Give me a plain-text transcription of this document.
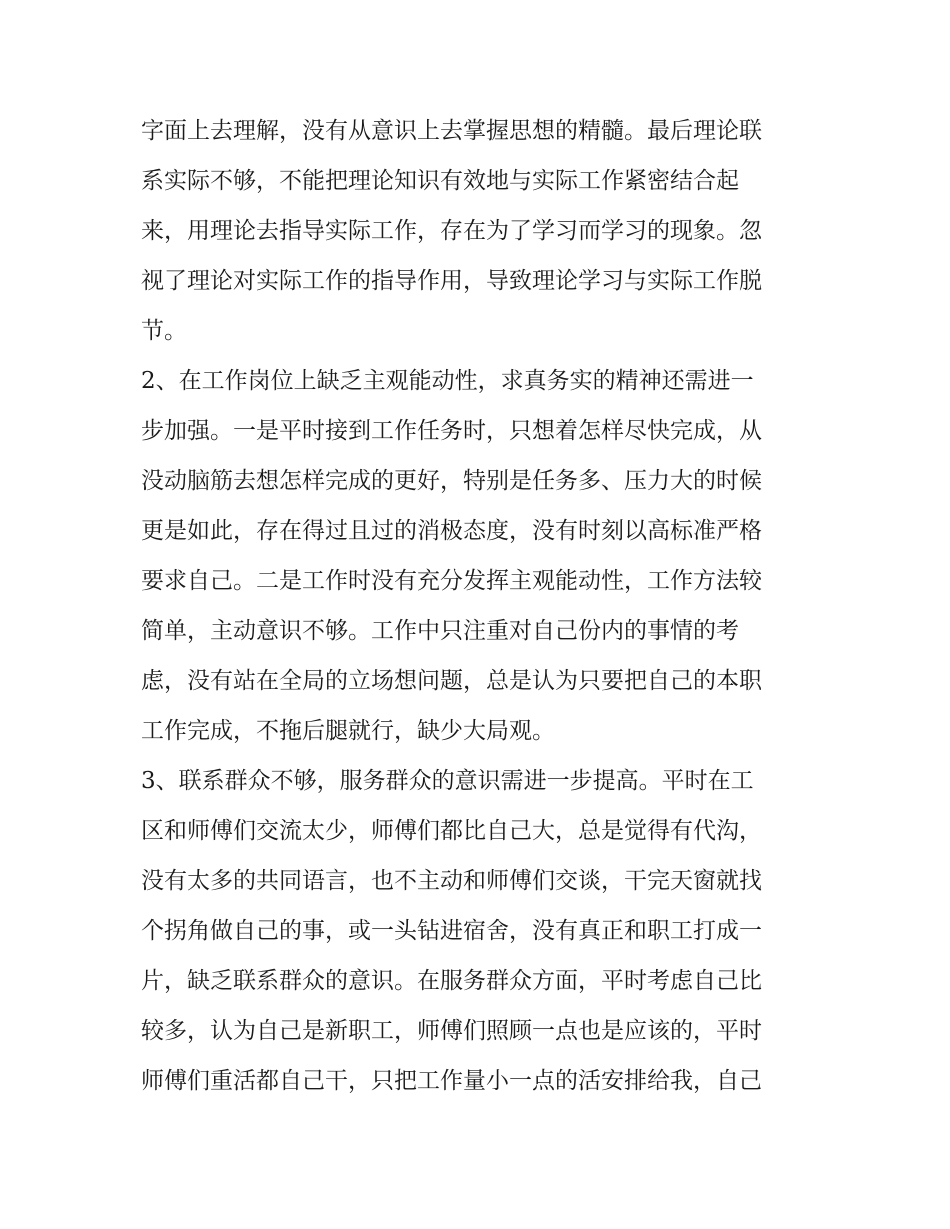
字面上去理解，没有从意识上去掌握思想的精髓。最后理论联
系实际不够，不能把理论知识有效地与实际工作紧密结合起
来，用理论去指导实际工作，存在为了学习而学习的现象。忽
视了理论对实际工作的指导作用，导致理论学习与实际工作脱
节。
2、在工作岗位上缺乏主观能动性，求真务实的精神还需进一
步加强。一是平时接到工作任务时，只想着怎样尽快完成，从
没动脑筋去想怎样完成的更好，特别是任务多、压力大的时候
更是如此，存在得过且过的消极态度，没有时刻以高标准严格
要求自己。二是工作时没有充分发挥主观能动性，工作方法较
简单，主动意识不够。工作中只注重对自己份内的事情的考
虑，没有站在全局的立场想问题，总是认为只要把自己的本职
工作完成，不拖后腿就行，缺少大局观。
3、联系群众不够，服务群众的意识需进一步提高。平时在工
区和师傅们交流太少，师傅们都比自己大，总是觉得有代沟，
没有太多的共同语言，也不主动和师傅们交谈，干完天窗就找
个拐角做自己的事，或一头钻进宿舍，没有真正和职工打成一
片，缺乏联系群众的意识。在服务群众方面，平时考虑自己比
较多，认为自己是新职工，师傅们照顾一点也是应该的，平时
师傅们重活都自己干，只把工作量小一点的活安排给我，自己
